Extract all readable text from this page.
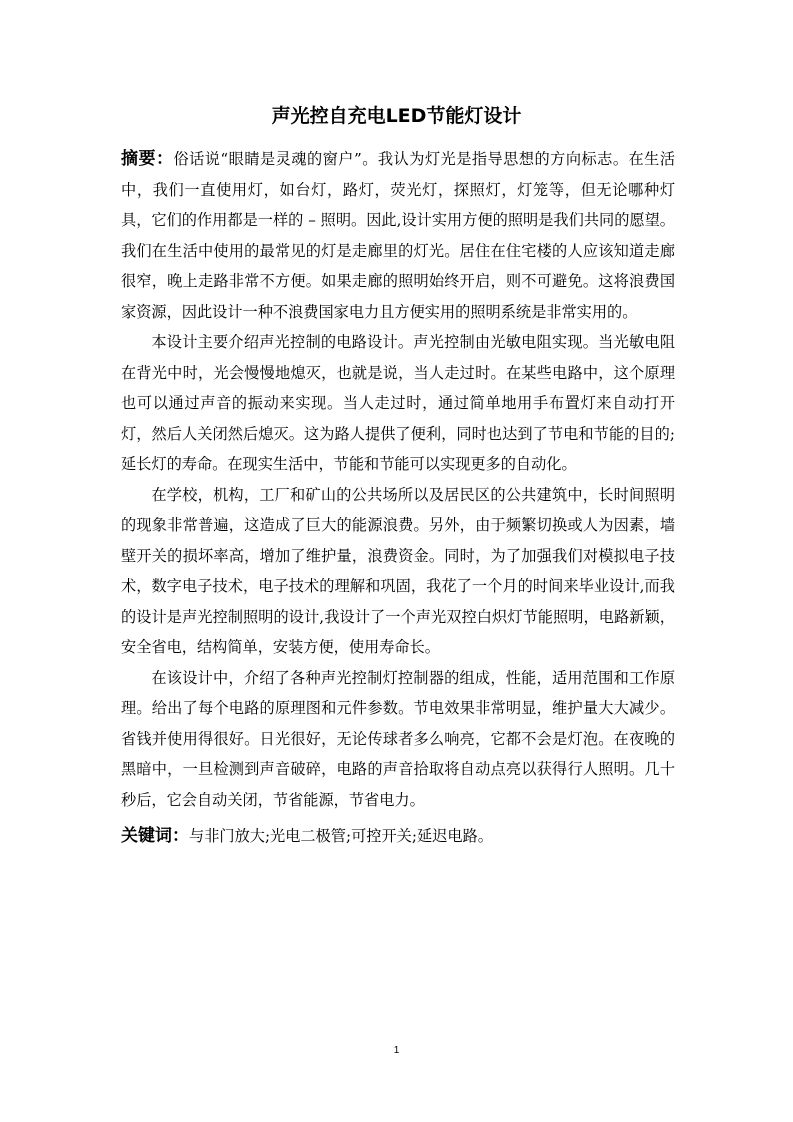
声光控自充电LED节能灯设计

摘要：俗话说“眼睛是灵魂的窗户”。我认为灯光是指导思想的方向标志。在生活中，我们一直使用灯，如台灯，路灯，荧光灯，探照灯，灯笼等，但无论哪种灯具，它们的作用都是一样的 – 照明。因此,设计实用方便的照明是我们共同的愿望。我们在生活中使用的最常见的灯是走廊里的灯光。居住在住宅楼的人应该知道走廊很窄，晚上走路非常不方便。如果走廊的照明始终开启，则不可避免。这将浪费国家资源，因此设计一种不浪费国家电力且方便实用的照明系统是非常实用的。

本设计主要介绍声光控制的电路设计。声光控制由光敏电阻实现。当光敏电阻在背光中时，光会慢慢地熄灭，也就是说，当人走过时。在某些电路中，这个原理也可以通过声音的振动来实现。当人走过时，通过简单地用手布置灯来自动打开灯，然后人关闭然后熄灭。这为路人提供了便利，同时也达到了节电和节能的目的;延长灯的寿命。在现实生活中，节能和节能可以实现更多的自动化。

在学校，机构，工厂和矿山的公共场所以及居民区的公共建筑中，长时间照明的现象非常普遍，这造成了巨大的能源浪费。另外，由于频繁切换或人为因素，墙壁开关的损坏率高，增加了维护量，浪费资金。同时，为了加强我们对模拟电子技术，数字电子技术，电子技术的理解和巩固，我花了一个月的时间来毕业设计,而我的设计是声光控制照明的设计,我设计了一个声光双控白炽灯节能照明，电路新颖，安全省电，结构简单，安装方便，使用寿命长。

在该设计中，介绍了各种声光控制灯控制器的组成，性能，适用范围和工作原理。给出了每个电路的原理图和元件参数。节电效果非常明显，维护量大大减少。省钱并使用得很好。日光很好，无论传球者多么响亮，它都不会是灯泡。在夜晚的黑暗中，一旦检测到声音破碎，电路的声音拾取将自动点亮以获得行人照明。几十秒后，它会自动关闭，节省能源，节省电力。

关键词：与非门放大;光电二极管;可控开关;延迟电路。

1
